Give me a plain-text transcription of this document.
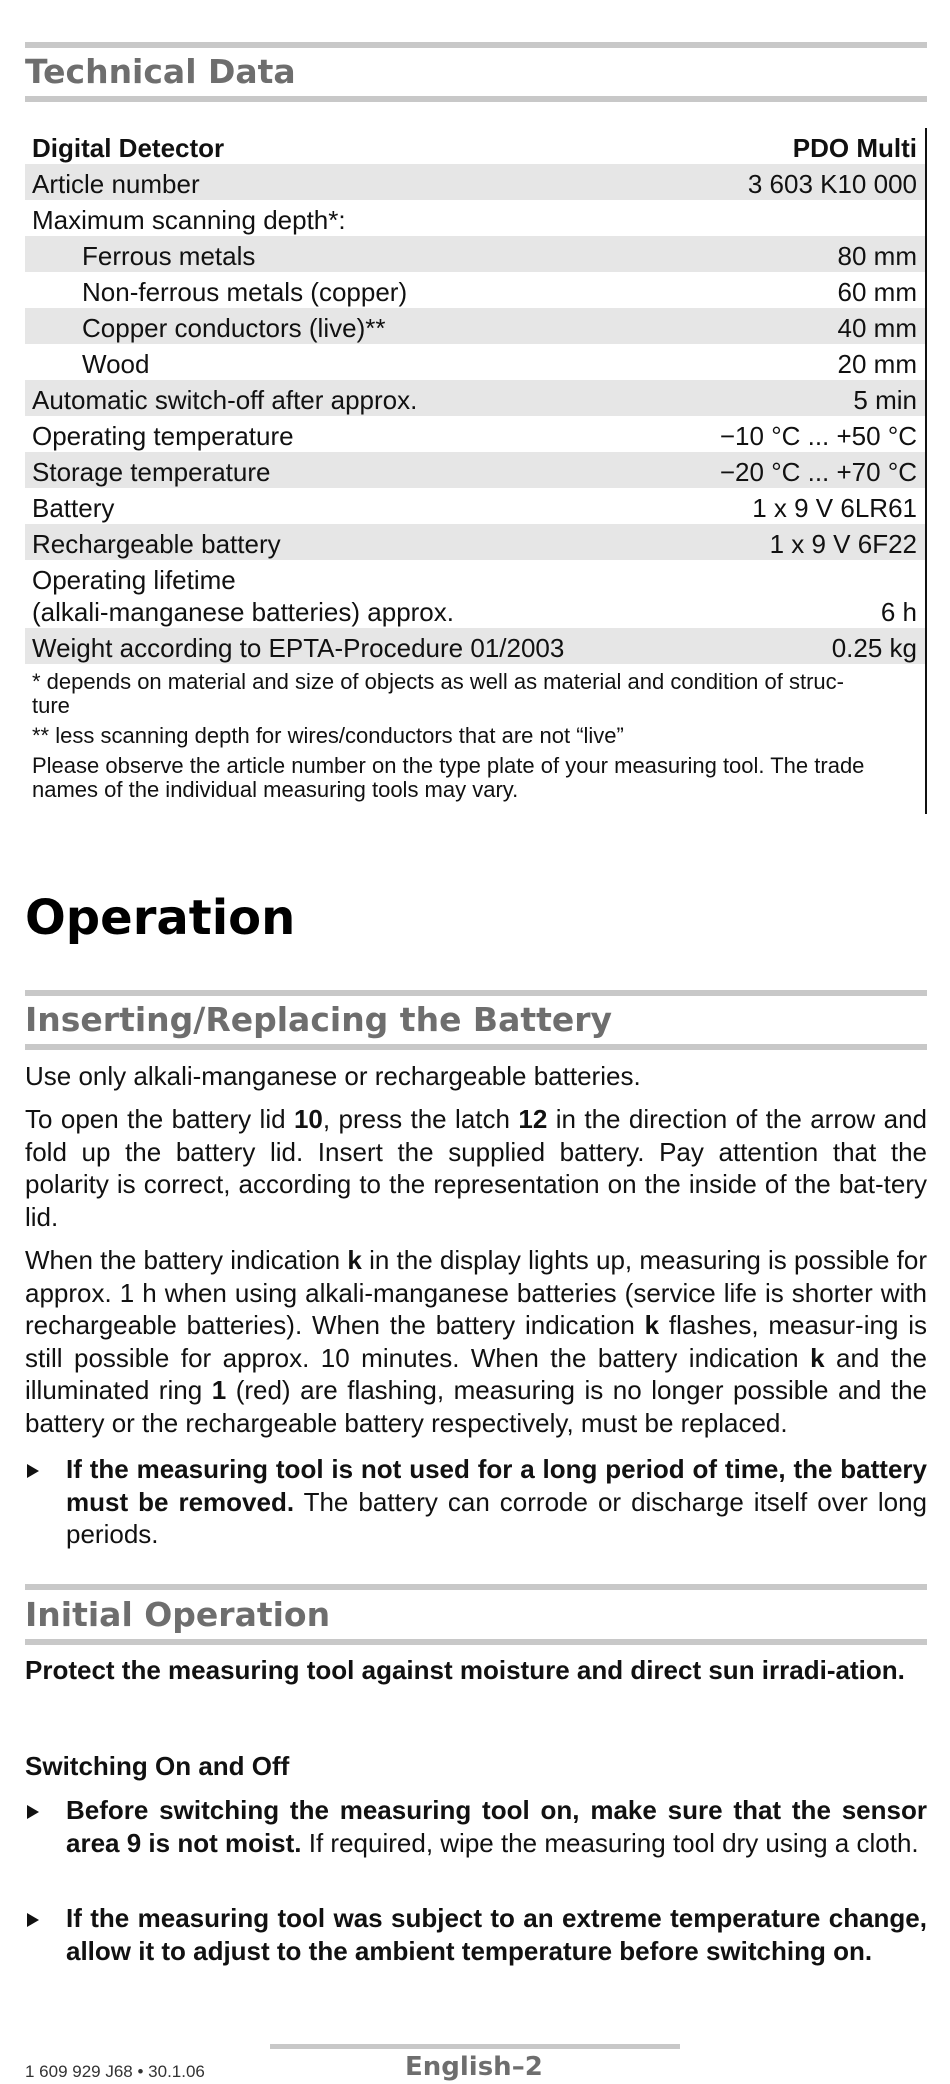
Technical Data
Digital Detector	PDO Multi
Article number	3 603 K10 000
Maximum scanning depth*:
Ferrous metals	80 mm
Non-ferrous metals (copper)	60 mm
Copper conductors (live)**	40 mm
Wood	20 mm
Automatic switch-off after approx.	5 min
Operating temperature	−10 °C ... +50 °C
Storage temperature	−20 °C ... +70 °C
Battery	1 x 9 V 6LR61
Rechargeable battery	1 x 9 V 6F22
Operating lifetime
(alkali-manganese batteries) approx.	6 h
Weight according to EPTA-Procedure 01/2003	0.25 kg
* depends on material and size of objects as well as material and condition of struc-
ture
** less scanning depth for wires/conductors that are not “live”
Please observe the article number on the type plate of your measuring tool. The trade
names of the individual measuring tools may vary.
Operation
Inserting/Replacing the Battery
Use only alkali-manganese or rechargeable batteries.
To open the battery lid 10, press the latch 12 in the direction of the arrow and fold up the battery lid. Insert the supplied battery. Pay attention that the polarity is correct, according to the representation on the inside of the bat-tery lid.
When the battery indication k in the display lights up, measuring is possible for approx. 1 h when using alkali-manganese batteries (service life is shorter with rechargeable batteries). When the battery indication k flashes, measur-ing is still possible for approx. 10 minutes. When the battery indication k and the illuminated ring 1 (red) are flashing, measuring is no longer possible and the battery or the rechargeable battery respectively, must be replaced.
If the measuring tool is not used for a long period of time, the battery must be removed. The battery can corrode or discharge itself over long periods.
Initial Operation
Protect the measuring tool against moisture and direct sun irradi-ation.
Switching On and Off
Before switching the measuring tool on, make sure that the sensor area 9 is not moist. If required, wipe the measuring tool dry using a cloth.
If the measuring tool was subject to an extreme temperature change, allow it to adjust to the ambient temperature before switching on.
1 609 929 J68 • 30.1.06	English–2
